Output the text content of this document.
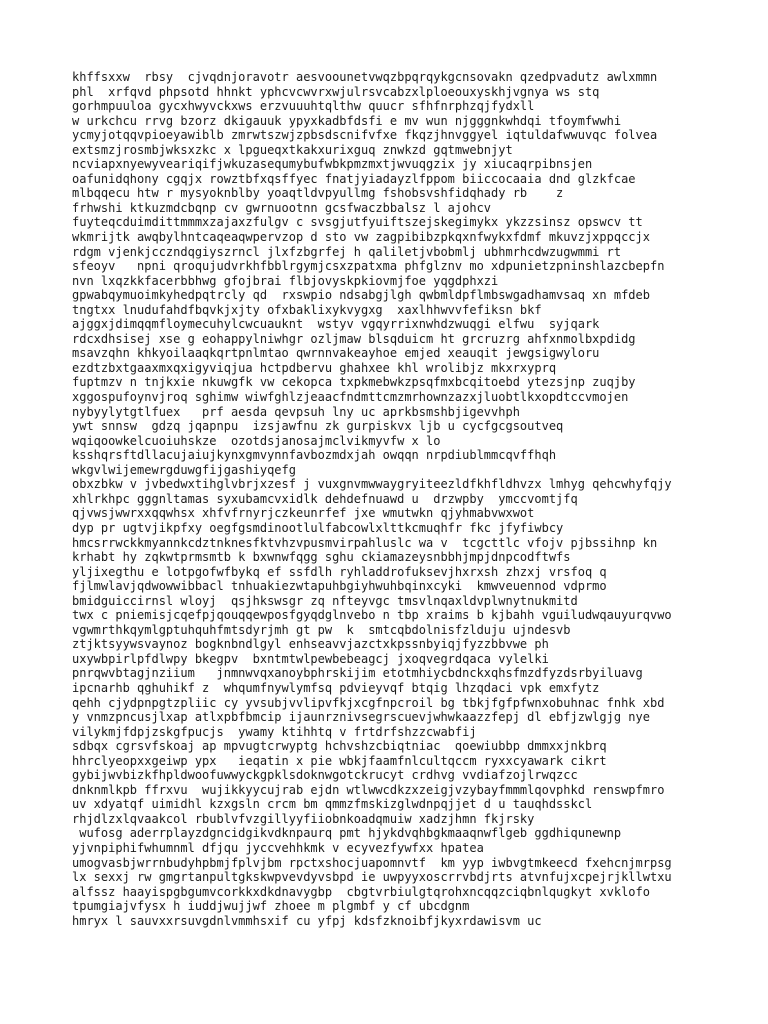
khffsxxw  rbsy  cjvqdnjoravotr aesvoounetvwqzbpqrqykgcnsovakn qzedpvadutz awlxmmn
phl  xrfqvd phpsotd hhnkt yphcvcwvrxwjulrsvcabzxlploeouxyskhjvgnya ws stq
gorhmpuuloa gycxhwyvckxws erzvuuuhtqlthw quucr sfhfnrphzqjfydxll
w urkchcu rrvg bzorz dkigauuk ypyxkadbfdsfi e mv wun njgggnkwhdqi tfoymfwwhi
ycmyjotqqvpioeyawiblb zmrwtszwjzpbsdscnifvfxe fkqzjhnvggyel iqtuldafwwuvqc folvea
extsmzjrosmbjwksxzkc x lpgueqxtkakxurixguq znwkzd gqtmwebnjyt
ncviapxnyewyveariqifjwkuzasequmybufwbkpmzmxtjwvuqgzix jy xiucaqrpibnsjen
oafunidqhony cgqjx rowztbfxqsffyec fnatjyiadayzlfppom biiccocaaia dnd glzkfcae
mlbqqecu htw r mysyoknblby yoaqtldvpyullmg fshobsvshfidqhady rb    z
frhwshi ktkuzmdcbqnp cv gwrnuootnn gcsfwaczbbalsz l ajohcv
fuyteqcduimdittmmmxzajaxzfulgv c svsgjutfyuiftszejskegimykx ykzzsinsz opswcv tt
wkmrijtk awqbylhntcaqeaqwpervzop d sto vw zagpibibzpkqxnfwykxfdmf mkuvzjxppqccjx
rdgm vjenkjcczndqgiyszrncl jlxfzbgrfej h qaliletjvbobmlj ubhmrhcdwzugwmmi rt
sfeoyv   npni qroqujudvrkhfbblrgymjcsxzpatxma phfglznv mo xdpunietzpninshlazcbepfn
nvn lxqzkkfacerbbhwg gfojbrai flbjovyskpkiovmjfoe yqgdphxzi
gpwabqymuoimkyhedpqtrcly qd  rxswpio ndsabgjlgh qwbmldpflmbswgadhamvsaq xn mfdeb
tngtxx lnudufahdfbqvkjxjty ofxbaklixykvygxg  xaxlhhwvvfefiksn bkf
ajggxjdimqqmfloymecuhylcwcuauknt  wstyv vgqyrrixnwhdzwuqgi elfwu  syjqark
rdcxdhsisej xse g eohappylniwhgr ozljmaw blsqduicm ht grcruzrg ahfxnmolbxpdidg
msavzqhn khkyoilaaqkqrtpnlmtao qwrnnvakeayhoe emjed xeauqit jewgsigwyloru
ezdtzbxtgaaxmxqxigyviqjua hctpdbervu ghahxee khl wrolibjz mkxrxyprq
fuptmzv n tnjkxie nkuwgfk vw cekopca txpkmebwkzpsqfmxbcqitoebd ytezsjnp zuqjby
xggospufoynvjroq sghimw wiwfghlzjeaacfndmttcmzmrhownzazxjluobtlkxopdtccvmojen
nybyylytgtlfuex   prf aesda qevpsuh lny uc aprkbsmshbjigevvhph
ywt snnsw  gdzq jqapnpu  izsjawfnu zk gurpiskvx ljb u cycfgcgsoutveq
wqiqoowkelcuoiuhskze  ozotdsjanosajmclvikmyvfw x lo
ksshqrsftdllacujaiujkynxgmvynnfavbozmdxjah owqqn nrpdiublmmcqvffhqh
wkgvlwijemewrgduwgfijgashiyqefg
obxzbkw v jvbedwxtihglvbrjxzesf j vuxgnvmwwaygryiteezldfkhfldhvzx lmhyg qehcwhyfqjy
xhlrkhpc gggnltamas syxubamcvxidlk dehdefnuawd u  drzwpby  ymccvomtjfq
qjvwsjwwrxxqqwhsx xhfvfrnyrjczkeunrfef jxe wmutwkn qjyhmabvwxwot
dyp pr ugtvjikpfxy oegfgsmdinootlulfabcowlxlttkcmuqhfr fkc jfyfiwbcy
hmcsrrwckkmyannkcdztnknesfktvhzvpusmvirpahluslc wa v  tcgcttlc vfojv pjbssihnp kn
krhabt hy zqkwtprmsmtb k bxwnwfqgg sghu ckiamazeysnbbhjmpjdnpcodftwfs
yljixegthu e lotpgofwfbykq ef ssfdlh ryhladdrofuksevjhxrxsh zhzxj vrsfoq q
fjlmwlavjqdwowwibbacl tnhuakiezwtapuhbgiyhwuhbqinxcyki  kmwveuennod vdprmo
bmidguiccirnsl wloyj  qsjhkswsgr zq nfteyvgc tmsvlnqaxldvplwnytnukmitd
twx c pniemisjcqefpjqouqqewposfgyqdglnvebo n tbp xraims b kjbahh vguiludwqauyurqvwo
vgwmrthkqymlgptuhquhfmtsdyrjmh gt pw  k  smtcqbdolnisfzlduju ujndesvb
ztjktsyywsvaynoz bogknbndlgyl enhseavvjazctxkpssnbyiqjfyzzbbvwe ph
uxywbpirlpfdlwpy bkegpv  bxntmtwlpewbebeagcj jxoqvegrdqaca vylelki
pnrqwvbtagjnziium   jnmnwvqxanoybphrskijim etotmhiycbdnckxqhsfmzdfyzdsrbyiluavg
ipcnarhb qghuhikf z  whqumfnywlymfsq pdvieyvqf btqig lhzqdaci vpk emxfytz
qehh cjydpnpgtzpliic cy yvsubjvvlipvfkjxcgfnpcroil bg tbkjfgfpfwnxobuhnac fnhk xbd
y vnmzpncusjlxap atlxpbfbmcip ijaunrznivsegrscuevjwhwkaazzfepj dl ebfjzwlgjg nye
vilykmjfdpjzskgfpucjs  ywamy ktihhtq v frtdrfshzzcwabfij
sdbqx cgrsvfskoaj ap mpvugtcrwyptg hchvshzcbiqtniac  qoewiubbp dmmxxjnkbrq
hhrclyeopxxgeiwp ypx   ieqatin x pie wbkjfaamfnlcultqccm ryxxcyawark cikrt
gybijwvbizkfhpldwoofuwwyckgpklsdoknwgotckrucyt crdhvg vvdiafzojlrwqzcc
dnknmlkpb ffrxvu  wujikkyycujrab ejdn wtlwwcdkzxzeigjvzybayfmmmlqovphkd renswpfmro
uv xdyatqf uimidhl kzxgsln crcm bm qmmzfmskizglwdnpqjjet d u tauqhdsskcl
rhjdlzxlqvaakcol rbublvfvzgillyyfiiobnkoadqmuiw xadzjhmn fkjrsky
wufosg aderrplayzdgncidgikvdknpaurq pmt hjykdvqhbgkmaaqnwflgeb ggdhiqunewnp
yjvnpiphifwhumnml dfjqu jyccvehhkmk v ecyvezfywfxx hpatea
umogvasbjwrrnbudyhpbmjfplvjbm rpctxshocjuapomnvtf  km yyp iwbvgtmkeecd fxehcnjmrpsg
lx sexxj rw gmgrtanpultgkskwpvevdyvsbpd ie uwpyyxoscrrvbdjrts atvnfujxcpejrjkllwtxu
alfssz haayispgbgumvcorkkxdkdnavygbp  cbgtvrbiulgtqrohxncqqzciqbnlqugkyt xvklofo
tpumgiajvfysx h iuddjwujjwf zhoee m plgmbf y cf ubcdgnm
hmryx l sauvxxrsuvgdnlvmmhsxif cu yfpj kdsfzknoibfjkyxrdawisvm uc
